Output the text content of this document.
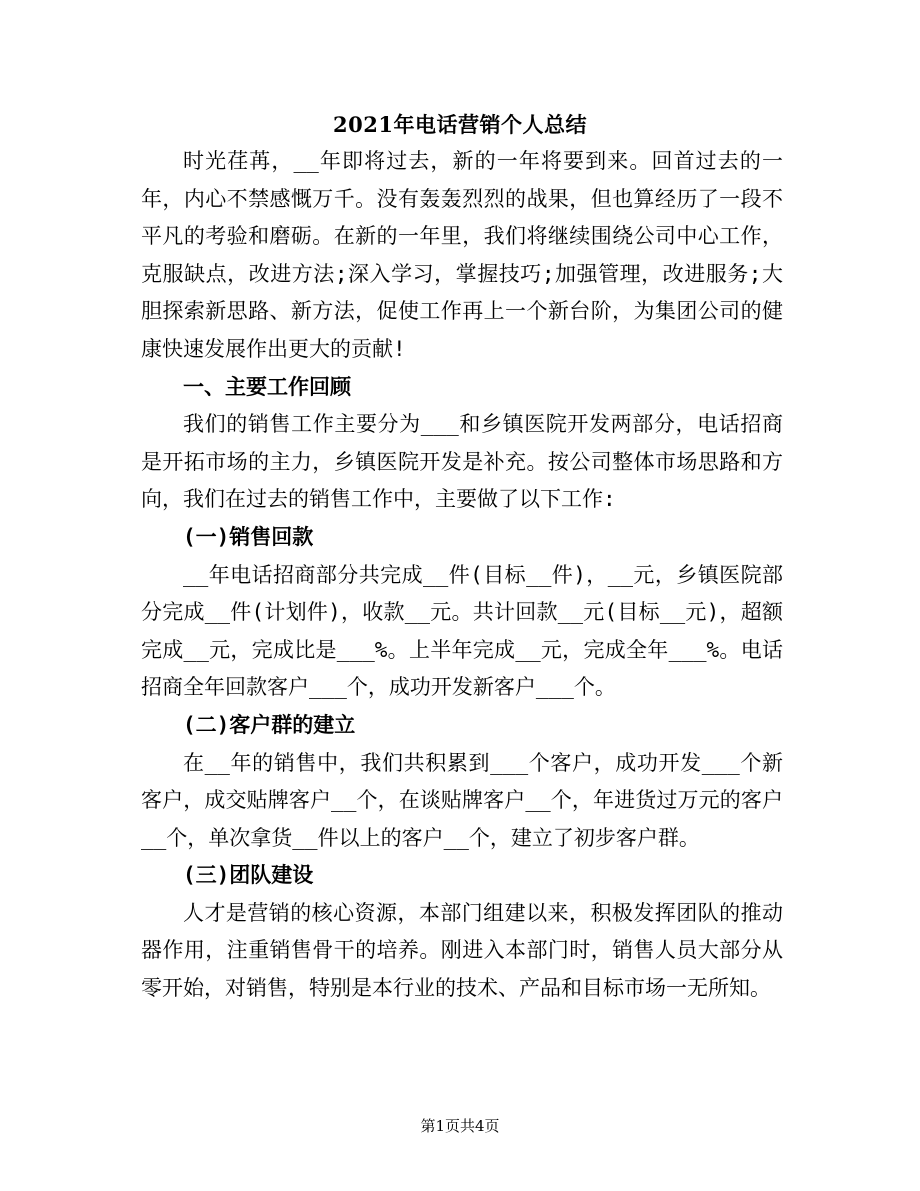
2021年电话营销个人总结

时光荏苒，__年即将过去，新的一年将要到来。回首过去的一年，内心不禁感慨万千。没有轰轰烈烈的战果，但也算经历了一段不平凡的考验和磨砺。在新的一年里，我们将继续围绕公司中心工作，克服缺点，改进方法;深入学习，掌握技巧;加强管理，改进服务;大胆探索新思路、新方法，促使工作再上一个新台阶，为集团公司的健康快速发展作出更大的贡献!

一、主要工作回顾

我们的销售工作主要分为___和乡镇医院开发两部分，电话招商是开拓市场的主力，乡镇医院开发是补充。按公司整体市场思路和方向，我们在过去的销售工作中，主要做了以下工作:

(一)销售回款

__年电话招商部分共完成__件(目标__件)，__元，乡镇医院部分完成__件(计划件)，收款__元。共计回款__元(目标__元)，超额完成__元，完成比是___%。上半年完成__元，完成全年___%。电话招商全年回款客户___个，成功开发新客户___个。

(二)客户群的建立

在__年的销售中，我们共积累到___个客户，成功开发___个新客户，成交贴牌客户__个，在谈贴牌客户__个，年进货过万元的客户__个，单次拿货__件以上的客户__个，建立了初步客户群。

(三)团队建设

人才是营销的核心资源，本部门组建以来，积极发挥团队的推动器作用，注重销售骨干的培养。刚进入本部门时，销售人员大部分从零开始，对销售，特别是本行业的技术、产品和目标市场一无所知。

第1页共4页
